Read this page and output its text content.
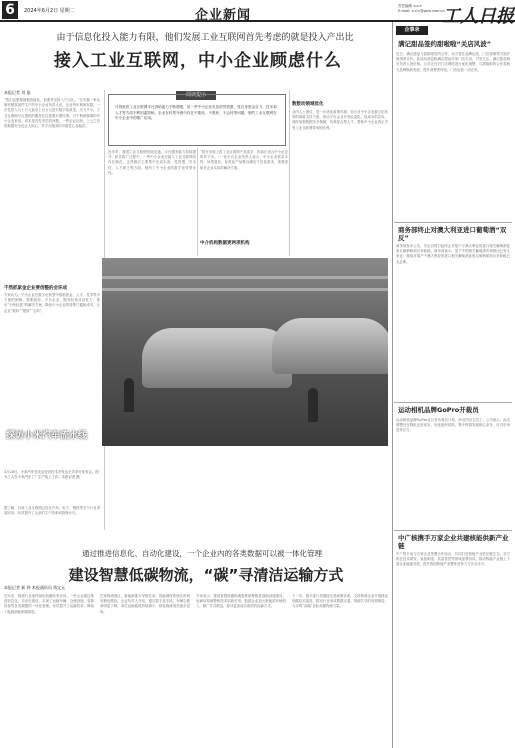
6	2024年6月2日 星期二	企业新闻
责任编辑 ×××
E-mail: ×××@grrb.com.cn
工人日报
由于信息化投入能力有限，他们发展工业互联网首先考虑的就是投入产出比
接入工业互联网，中小企业顾虑什么
本报记者 刘 旭
“我们也想要拥抱智能化，但要考虑投入产出比。”在安徽一家从事机械零部件生产的中小企业负责人说，企业每年利润有限，一次性投入几十万元甚至上百万元进行数字化改造，压力不小。工业互联网平台提供的服务往往需要长期付费，对于利润微薄的中小企业来说，成本是首先考虑的问题。一些企业反映，上云之后的数据安全也让人担心，对平台服务的可靠性心存疑虑。
不然抓紧金企业要创整的会环成
专家认为，中小企业在数字化转型中面临资金、人才、技术等多方面的困难，需要政府、平台企业、服务机构共同发力，推出“小快轻准”的解决方案，降低中小企业的转型门槛和成本，让企业“敢转”“愿转”“会转”。
阅读提示
尽管政府工业互联网平台供给能力不断增强，但一些中小企业负担依然较重，受自身资金实力、技术和人才等方面不利因素影响，企业在转型升级中存在不敢转、不愿转、不会转等问题，制约工业互联网在中小企业中的推广应用。
近年来，我国工业互联网发展迅速，平台服务能力持续提升。但在推广过程中，一些中小企业对接入工业互联网仍存在顾虑。这些顾虑主要集中在成本高、见效慢、安全性、人才缺乏等方面，制约了中小企业的数字化转型步伐。
中介机构数据更两项机构
“现在市面上的工业互联网产品很多，但真正适合中小企业的并不多。”一家平台企业负责人表示，中小企业需求多样、场景复杂，标准化产品难以满足个性化需求，需要更贴近企业实际的解决方案。
数数动领域优化
业内人士建议，进一步优化政策环境，加大对中小企业数字化转型的财政支持力度，推动平台企业开发轻量化、低成本的应用，同时加强数据安全保障，培养复合型人才，帮助中小企业真正享受工业互联网带来的红利。
探访小米汽车流水线
3月28日，小米汽车在北京经济技术开发区正式举行发布会。图为工人在小米汽车工厂生产线上工作。本报记者 摄
据了解，目前工业互联网已经在汽车、电子、钢铁等多个行业得到应用，有效提升了企业的生产效率和管理水平。
通过推进信息化、自动化建设，一个企业内的各类数据可以被一体化管理
建设智慧低碳物流，“碳”寻清洁运输方式
本报记者 郝 钟 本报通讯员 钱文元
近年来，物流行业加快绿色低碳转型步伐。一些企业通过推进信息化、自动化建设，实现了运输车辆、仓储设施、装卸设备等各类数据的一体化管理，有效提升了运输效率，降低了能源消耗和碳排放。
在某物流园区，新能源重卡穿梭往来，智能调度系统实时规划最优路线。企业负责人介绍，通过数字化手段，车辆空驶率明显下降，单位运输能耗持续减少，绿色物流成效逐步显现。
专家表示，建设智慧低碳物流需要统筹推进基础设施建设、运输结构调整和技术创新应用，鼓励企业加大新能源车辆投入，推广多式联运，探寻更加清洁高效的运输方式。
下一步，相关部门将继续完善政策体系，支持物流企业开展绿色低碳技术改造，推动行业形成数据互通、资源共享的发展格局，为实现“双碳”目标贡献物流力量。
企事录
满记甜品签约甜啦啦“关店风波”
近日，满记甜品与甜啦啦签约合作，双方将在品牌运营、门店管理等方面开展深度合作。此前有消息称满记甜品多家门店关闭，引发关注。满记甜品相关负责人回应称，公司正在对门店网络进行优化调整，与甜啦啦的合作将助力品牌焕新发展，提升消费者体验，门店运营一切正常。
商务部终止对澳大利亚进口葡萄酒“双反”
商务部发布公告，决定自即日起终止对原产于澳大利亚的进口相关葡萄酒征收反倾销税和反补贴税。商务部表示，鉴于中国相关葡萄酒市场情况已发生变化，继续对原产于澳大利亚的进口相关葡萄酒征收反倾销税和反补贴税已无必要。
运动相机品牌GoPro开裁员
运动相机品牌GoPro近日宣布裁员计划，涉及约百名员工。公司表示，此次调整旨在降低运营成本，优化组织结构，集中资源发展核心业务，应对市场竞争压力。
中广核携手万家企业共建核能供新产业链
中广核日前与万家企业签署合作协议，共同打造核能产业供应链生态。各方将在技术研发、装备制造、质量管控等领域加强协同，推动核能产业链上下游企业融通发展，提升我国核能产业整体竞争力与安全水平。
